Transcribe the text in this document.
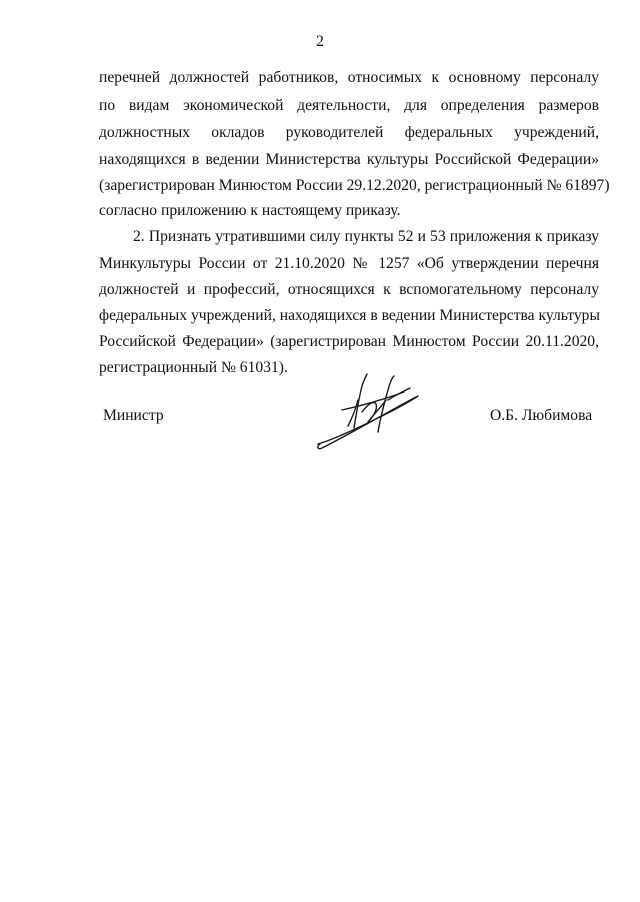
2
перечней должностей работников, относимых к основному персоналу
по видам экономической деятельности, для определения размеров
должностных окладов руководителей федеральных учреждений,
находящихся в ведении Министерства культуры Российской Федерации»
(зарегистрирован Минюстом России 29.12.2020, регистрационный № 61897)
согласно приложению к настоящему приказу.
2. Признать утратившими силу пункты 52 и 53 приложения к приказу
Минкультуры России от 21.10.2020 № 1257 «Об утверждении перечня
должностей и профессий, относящихся к вспомогательному персоналу
федеральных учреждений, находящихся в ведении Министерства культуры
Российской Федерации» (зарегистрирован Минюстом России 20.11.2020,
регистрационный № 61031).
Министр	О.Б. Любимова
